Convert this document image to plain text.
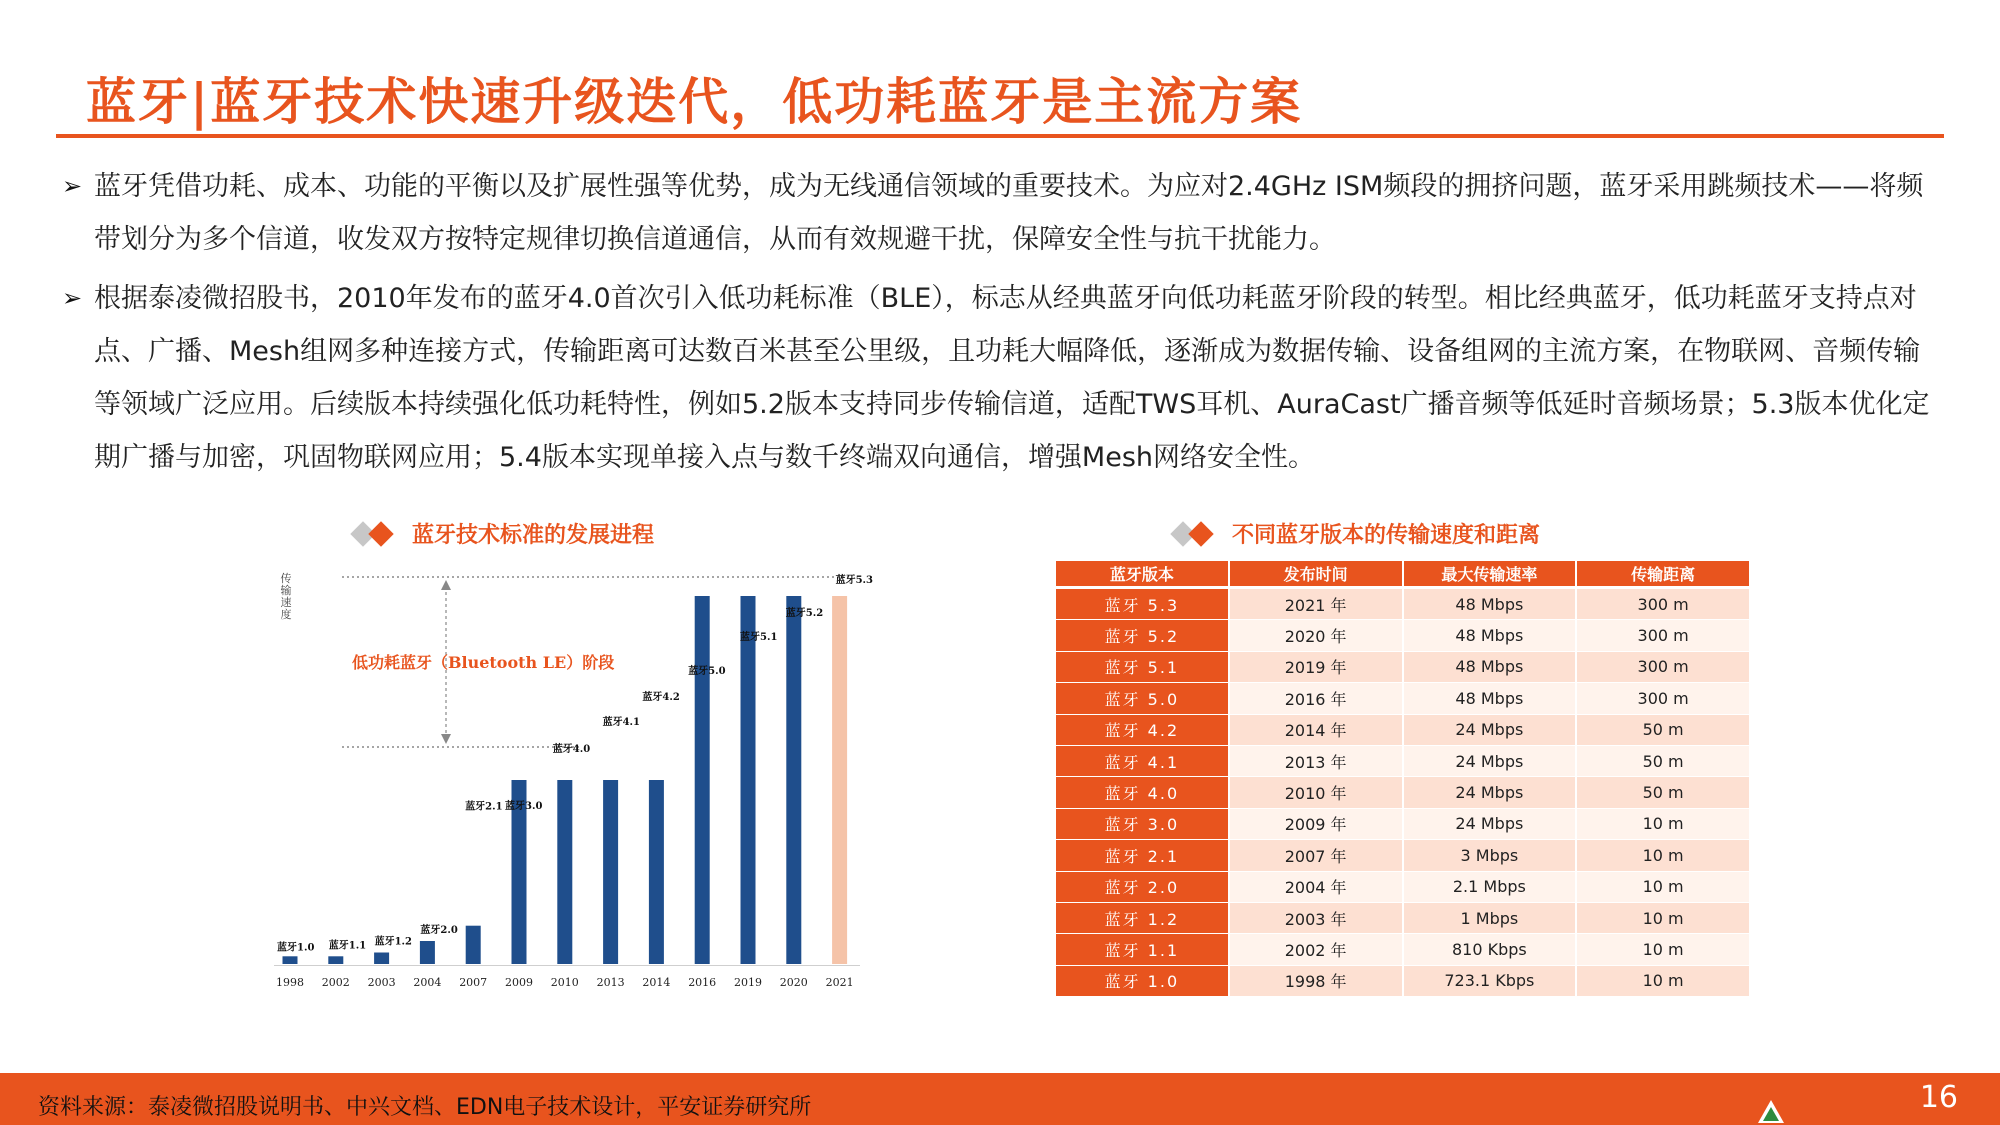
蓝牙|蓝牙技术快速升级迭代，低功耗蓝牙是主流方案
➢ 蓝牙凭借功耗、成本、功能的平衡以及扩展性强等优势，成为无线通信领域的重要技术。为应对2.4GHz ISM频段的拥挤问题，蓝牙采用跳频技术——将频带划分为多个信道，收发双方按特定规律切换信道通信，从而有效规避干扰，保障安全性与抗干扰能力。
➢ 根据泰凌微招股书，2010年发布的蓝牙4.0首次引入低功耗标准（BLE），标志从经典蓝牙向低功耗蓝牙阶段的转型。相比经典蓝牙，低功耗蓝牙支持点对点、广播、Mesh组网多种连接方式，传输距离可达数百米甚至公里级，且功耗大幅降低，逐渐成为数据传输、设备组网的主流方案，在物联网、音频传输等领域广泛应用。后续版本持续强化低功耗特性，例如5.2版本支持同步传输信道，适配TWS耳机、AuraCast广播音频等低延时音频场景；5.3版本优化定期广播与加密，巩固物联网应用；5.4版本实现单接入点与数千终端双向通信，增强Mesh网络安全性。
蓝牙技术标准的发展进程	不同蓝牙版本的传输速度和距离
传
输
速
度
低功耗蓝牙（Bluetooth LE）阶段
蓝牙1.0
1998
蓝牙1.1
2002
蓝牙1.2
2003
蓝牙2.0
2004
蓝牙2.1
2007
蓝牙3.0
2009
蓝牙4.0
2010
蓝牙4.1
2013
蓝牙4.2
2014
蓝牙5.0
2016
蓝牙5.1
2019
蓝牙5.2
2020
蓝牙5.3
2021
蓝牙版本	发布时间	最大传输速率	传输距离
蓝牙 5.3	2021 年	48 Mbps	300 m
蓝牙 5.2	2020 年	48 Mbps	300 m
蓝牙 5.1	2019 年	48 Mbps	300 m
蓝牙 5.0	2016 年	48 Mbps	300 m
蓝牙 4.2	2014 年	24 Mbps	50 m
蓝牙 4.1	2013 年	24 Mbps	50 m
蓝牙 4.0	2010 年	24 Mbps	50 m
蓝牙 3.0	2009 年	24 Mbps	10 m
蓝牙 2.1	2007 年	3 Mbps	10 m
蓝牙 2.0	2004 年	2.1 Mbps	10 m
蓝牙 1.2	2003 年	1 Mbps	10 m
蓝牙 1.1	2002 年	810 Kbps	10 m
蓝牙 1.0	1998 年	723.1 Kbps	10 m
资料来源：泰凌微招股说明书、中兴文档、EDN电子技术设计，平安证券研究所	16
